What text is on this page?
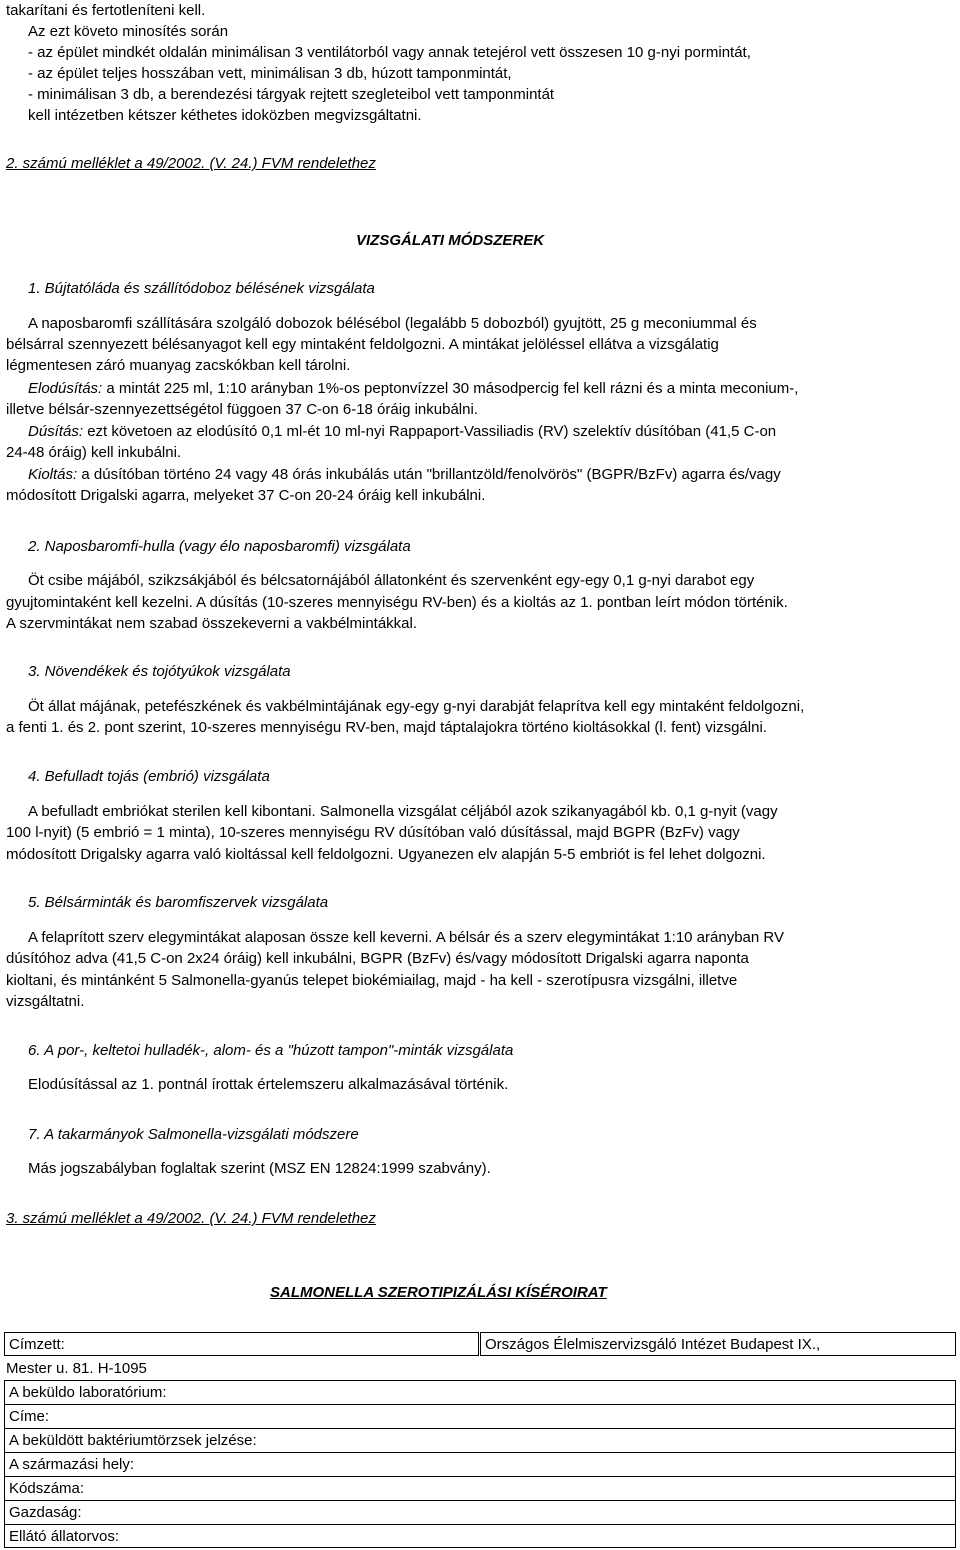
takarítani és fertotleníteni kell.
Az ezt követo minosítés során
- az épület mindkét oldalán minimálisan 3 ventilátorból vagy annak tetejérol vett összesen 10 g-nyi pormintát,
- az épület teljes hosszában vett, minimálisan 3 db, húzott tamponmintát,
- minimálisan 3 db, a berendezési tárgyak rejtett szegleteibol vett tamponmintát
kell intézetben kétszer kéthetes idoközben megvizsgáltatni.
2. számú melléklet a 49/2002. (V. 24.) FVM rendelethez
VIZSGÁLATI MÓDSZEREK
1. Bújtatóláda és szállítódoboz bélésének vizsgálata
A naposbaromfi szállítására szolgáló dobozok bélésébol (legalább 5 dobozból) gyujtött, 25 g meconiummal és
bélsárral szennyezett bélésanyagot kell egy mintaként feldolgozni. A mintákat jelöléssel ellátva a vizsgálatig
légmentesen záró muanyag zacskókban kell tárolni.
Elodúsítás: a mintát 225 ml, 1:10 arányban 1%-os peptonvízzel 30 másodpercig fel kell rázni és a minta meconium-,
illetve bélsár-szennyezettségétol függoen 37 C-on 6-18 óráig inkubálni.
Dúsítás: ezt követoen az elodúsító 0,1 ml-ét 10 ml-nyi Rappaport-Vassiliadis (RV) szelektív dúsítóban (41,5 C-on
24-48 óráig) kell inkubálni.
Kioltás: a dúsítóban történo 24 vagy 48 órás inkubálás után "brillantzöld/fenolvörös" (BGPR/BzFv) agarra és/vagy
módosított Drigalski agarra, melyeket 37 C-on 20-24 óráig kell inkubálni.
2. Naposbaromfi-hulla (vagy élo naposbaromfi) vizsgálata
Öt csibe májából, szikzsákjából és bélcsatornájából állatonként és szervenként egy-egy 0,1 g-nyi darabot egy
gyujtomintaként kell kezelni. A dúsítás (10-szeres mennyiségu RV-ben) és a kioltás az 1. pontban leírt módon történik.
A szervmintákat nem szabad összekeverni a vakbélmintákkal.
3. Növendékek és tojótyúkok vizsgálata
Öt állat májának, petefészkének és vakbélmintájának egy-egy g-nyi darabját felaprítva kell egy mintaként feldolgozni,
a fenti 1. és 2. pont szerint, 10-szeres mennyiségu RV-ben, majd táptalajokra történo kioltásokkal (l. fent) vizsgálni.
4. Befulladt tojás (embrió) vizsgálata
A befulladt embriókat sterilen kell kibontani. Salmonella vizsgálat céljából azok szikanyagából kb. 0,1 g-nyit (vagy
100 l-nyit) (5 embrió = 1 minta), 10-szeres mennyiségu RV dúsítóban való dúsítással, majd BGPR (BzFv) vagy
módosított Drigalsky agarra való kioltással kell feldolgozni. Ugyanezen elv alapján 5-5 embriót is fel lehet dolgozni.
5. Bélsárminták és baromfiszervek vizsgálata
A felaprított szerv elegymintákat alaposan össze kell keverni. A bélsár és a szerv elegymintákat 1:10 arányban RV
dúsítóhoz adva (41,5 C-on 2x24 óráig) kell inkubálni, BGPR (BzFv) és/vagy módosított Drigalski agarra naponta
kioltani, és mintánként 5 Salmonella-gyanús telepet biokémiailag, majd - ha kell - szerotípusra vizsgálni, illetve
vizsgáltatni.
6. A por-, keltetoi hulladék-, alom- és a "húzott tampon"-minták vizsgálata
Elodúsítással az 1. pontnál írottak értelemszeru alkalmazásával történik.
7. A takarmányok Salmonella-vizsgálati módszere
Más jogszabályban foglaltak szerint (MSZ EN 12824:1999 szabvány).
3. számú melléklet a 49/2002. (V. 24.) FVM rendelethez
SALMONELLA SZEROTIPIZÁLÁSI KÍSÉROIRAT
Címzett:	Országos Élelmiszervizsgáló Intézet Budapest IX.,
Mester u. 81. H-1095
A beküldo laboratórium:
Címe:
A beküldött baktériumtörzsek jelzése:
A származási hely:
Kódszáma:
Gazdaság:
Ellátó állatorvos:
